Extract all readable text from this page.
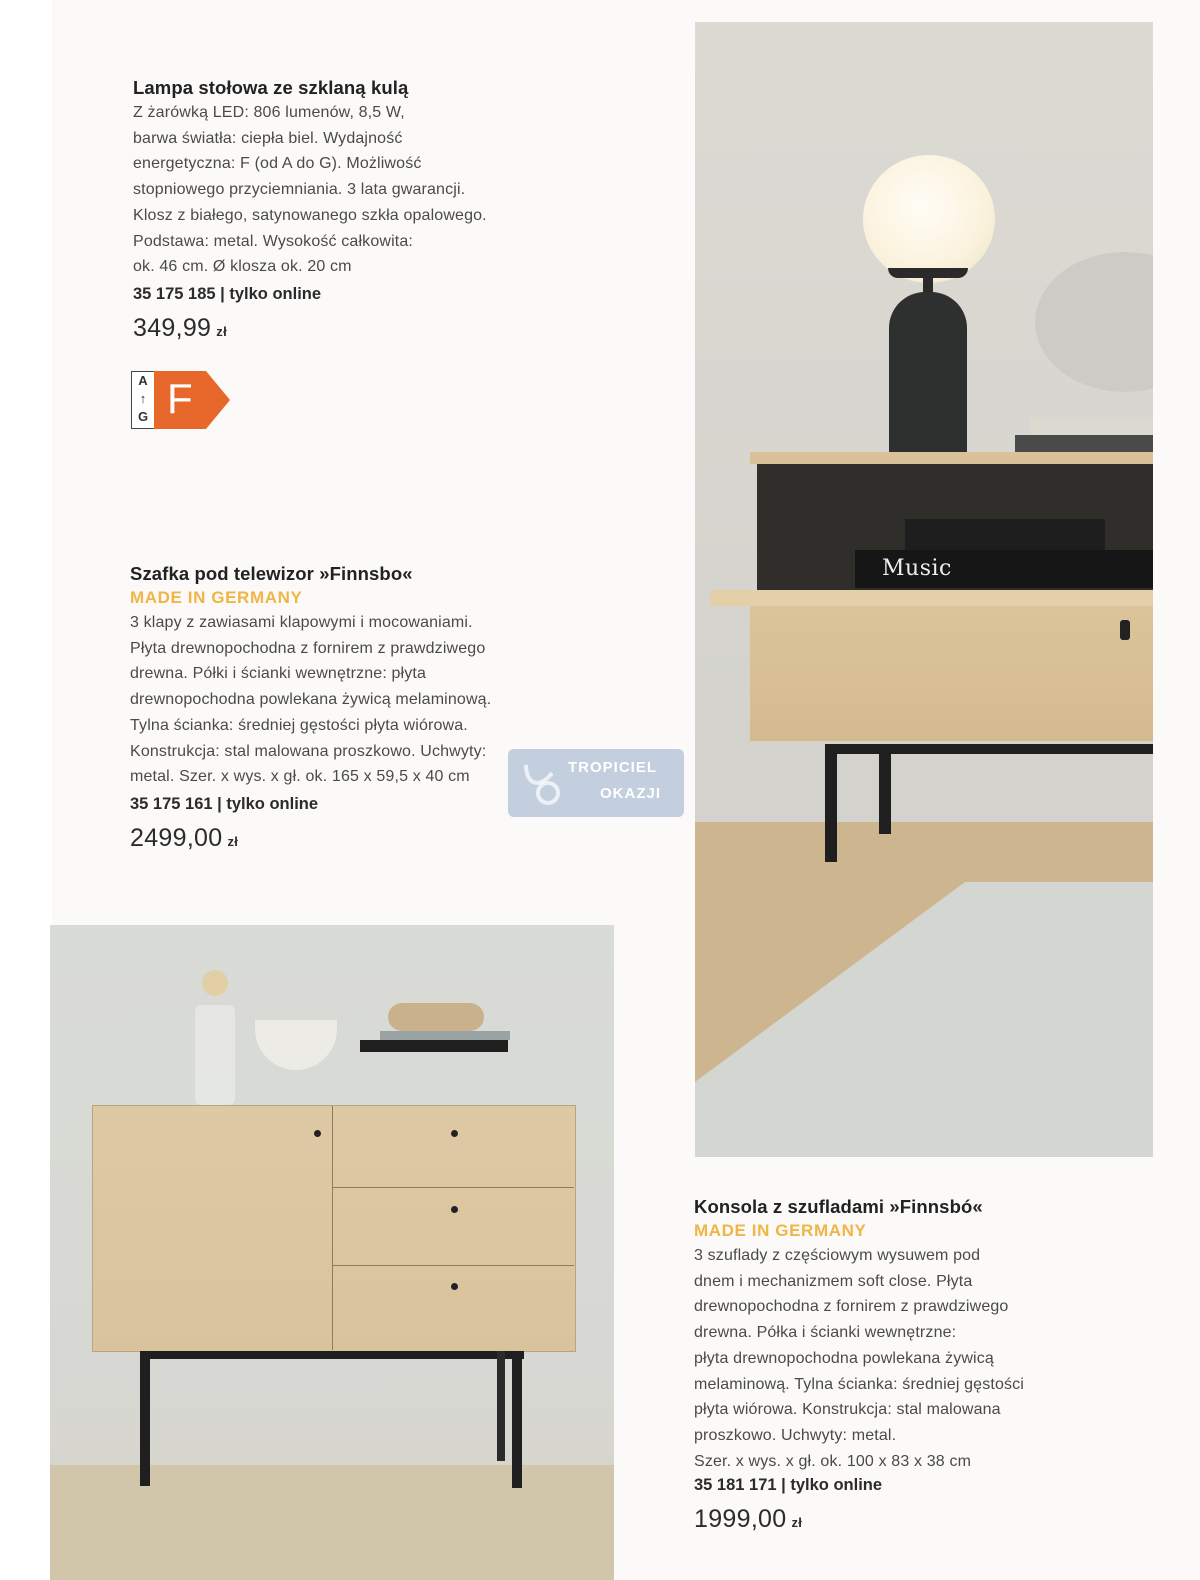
Lampa stołowa ze szklaną kulą
Z żarówką LED: 806 lumenów, 8,5 W,
barwa światła: ciepła biel. Wydajność
energetyczna: F (od A do G). Możliwość
stopniowego przyciemniania. 3 lata gwarancji.
Klosz z białego, satynowanego szkła opalowego.
Podstawa: metal. Wysokość całkowita:
ok. 46 cm. Ø klosza ok. 20 cm
35 175 185 | tylko online
349,99 zł
A
↑
G F
Szafka pod telewizor »Finnsbo«
MADE IN GERMANY
3 klapy z zawiasami klapowymi i mocowaniami.
Płyta drewnopochodna z fornirem z prawdziwego
drewna. Półki i ścianki wewnętrzne: płyta
drewnopochodna powlekana żywicą melaminową.
Tylna ścianka: średniej gęstości płyta wiórowa.
Konstrukcja: stal malowana proszkowo. Uchwyty:
metal. Szer. x wys. x gł. ok. 165 x 59,5 x 40 cm
35 175 161 | tylko online
2499,00 zł
Music
Konsola z szufladami »Finnsbó«
MADE IN GERMANY
3 szuflady z częściowym wysuwem pod
dnem i mechanizmem soft close. Płyta
drewnopochodna z fornirem z prawdziwego
drewna. Półka i ścianki wewnętrzne:
płyta drewnopochodna powlekana żywicą
melaminową. Tylna ścianka: średniej gęstości
płyta wiórowa. Konstrukcja: stal malowana
proszkowo. Uchwyty: metal.
Szer. x wys. x gł. ok. 100 x 83 x 38 cm
35 181 171 | tylko online
1999,00 zł
TROPICIEL
OKAZJI
